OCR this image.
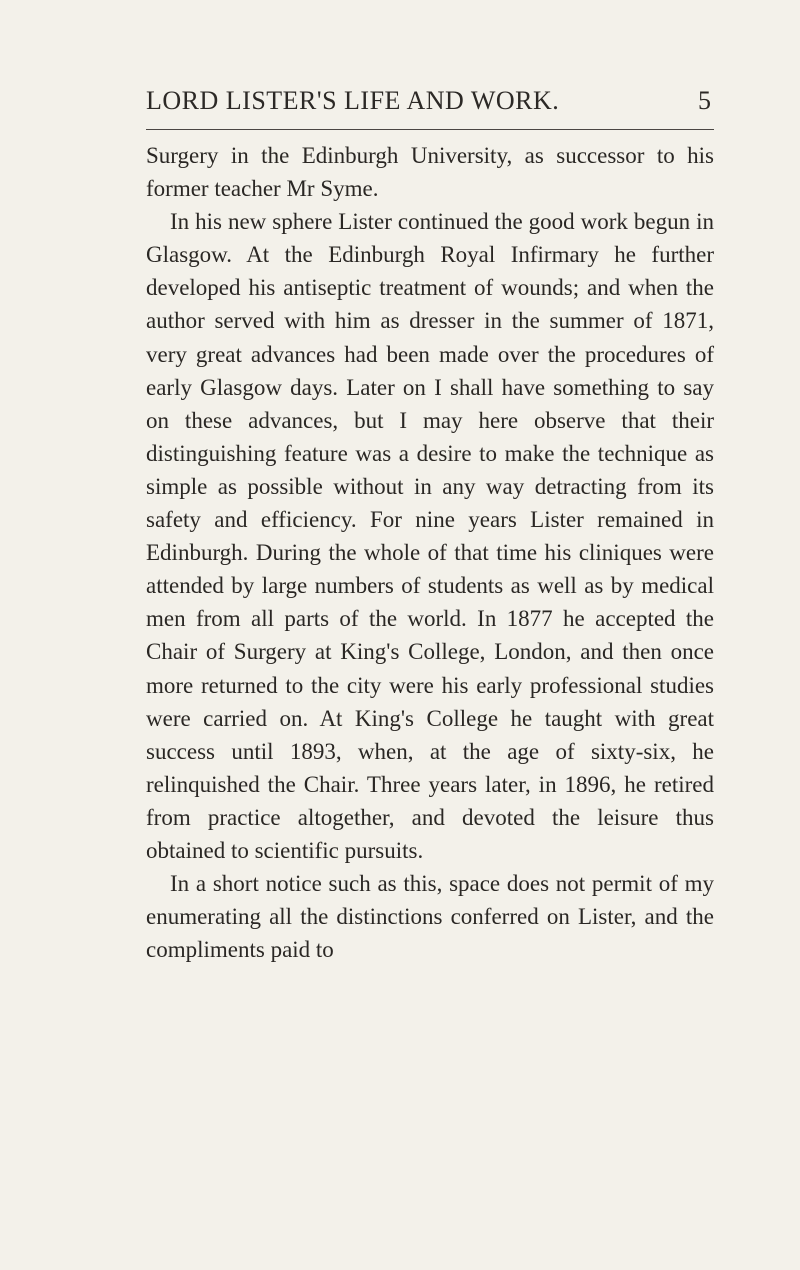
LORD LISTER'S LIFE AND WORK.	5

Surgery in the Edinburgh University, as successor to his former teacher Mr Syme.

In his new sphere Lister continued the good work begun in Glasgow. At the Edinburgh Royal Infirmary he further developed his antiseptic treatment of wounds; and when the author served with him as dresser in the summer of 1871, very great advances had been made over the procedures of early Glasgow days. Later on I shall have something to say on these advances, but I may here observe that their distinguishing feature was a desire to make the technique as simple as possible without in any way detracting from its safety and efficiency. For nine years Lister remained in Edinburgh. During the whole of that time his cliniques were attended by large numbers of students as well as by medical men from all parts of the world. In 1877 he accepted the Chair of Surgery at King's College, London, and then once more returned to the city were his early professional studies were carried on. At King's College he taught with great success until 1893, when, at the age of sixty-six, he relinquished the Chair. Three years later, in 1896, he retired from practice altogether, and devoted the leisure thus obtained to scientific pursuits.

In a short notice such as this, space does not permit of my enumerating all the distinctions conferred on Lister, and the compliments paid to
